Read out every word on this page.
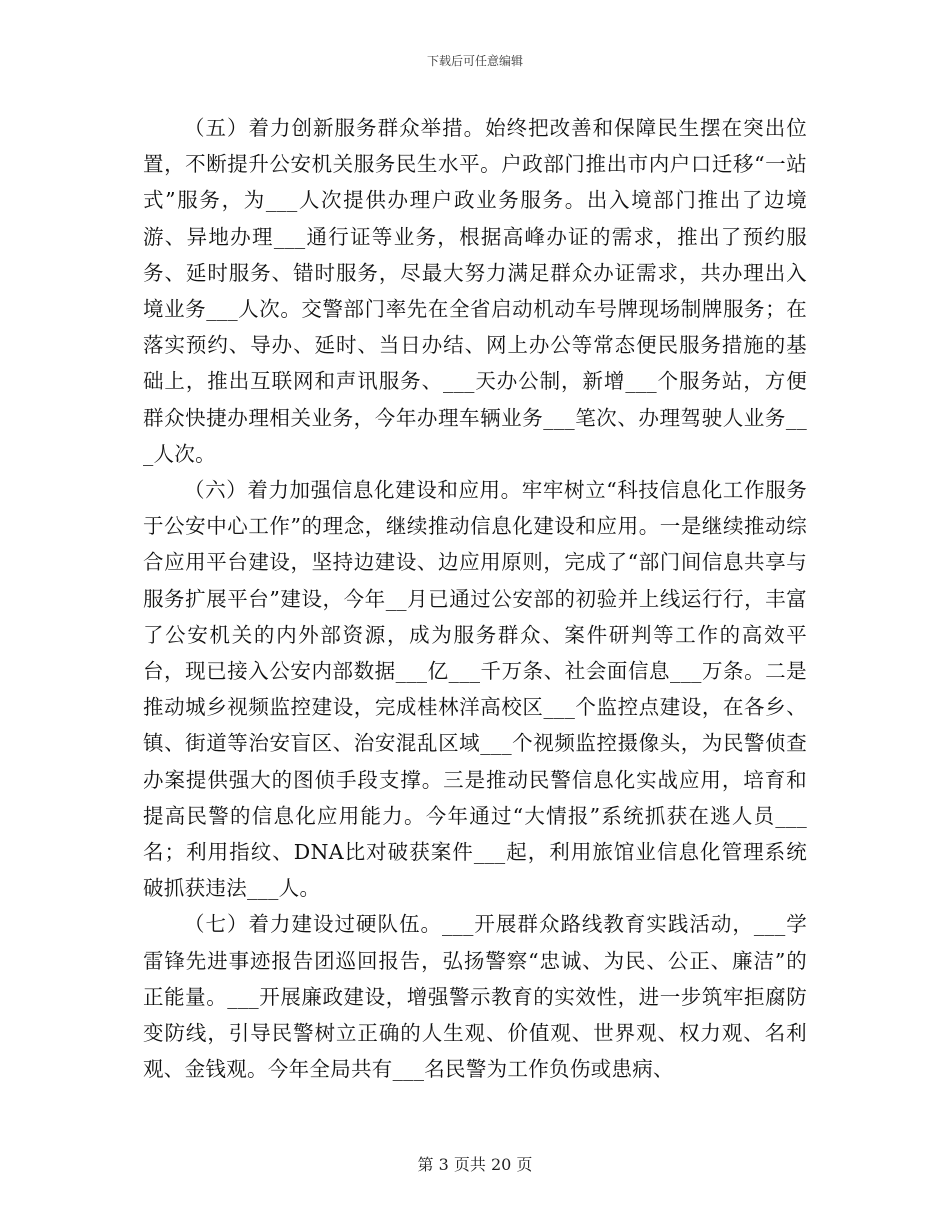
下载后可任意编辑

（五）着力创新服务群众举措。始终把改善和保障民生摆在突出位置，不断提升公安机关服务民生水平。户政部门推出市内户口迁移“一站式”服务，为___人次提供办理户政业务服务。出入境部门推出了边境游、异地办理___通行证等业务，根据高峰办证的需求，推出了预约服务、延时服务、错时服务，尽最大努力满足群众办证需求，共办理出入境业务___人次。交警部门率先在全省启动机动车号牌现场制牌服务；在落实预约、导办、延时、当日办结、网上办公等常态便民服务措施的基础上，推出互联网和声讯服务、___天办公制，新增___个服务站，方便群众快捷办理相关业务，今年办理车辆业务___笔次、办理驾驶人业务___人次。

（六）着力加强信息化建设和应用。牢牢树立“科技信息化工作服务于公安中心工作”的理念，继续推动信息化建设和应用。一是继续推动综合应用平台建设，坚持边建设、边应用原则，完成了“部门间信息共享与服务扩展平台”建设，今年__月已通过公安部的初验并上线运行行，丰富了公安机关的内外部资源，成为服务群众、案件研判等工作的高效平台，现已接入公安内部数据___亿___千万条、社会面信息___万条。二是推动城乡视频监控建设，完成桂林洋高校区___个监控点建设，在各乡、镇、街道等治安盲区、治安混乱区域___个视频监控摄像头，为民警侦查办案提供强大的图侦手段支撑。三是推动民警信息化实战应用，培育和提高民警的信息化应用能力。今年通过“大情报”系统抓获在逃人员___名；利用指纹、DNA比对破获案件___起，利用旅馆业信息化管理系统破抓获违法___人。

（七）着力建设过硬队伍。___开展群众路线教育实践活动，___学雷锋先进事迹报告团巡回报告，弘扬警察“忠诚、为民、公正、廉洁”的正能量。___开展廉政建设，增强警示教育的实效性，进一步筑牢拒腐防变防线，引导民警树立正确的人生观、价值观、世界观、权力观、名利观、金钱观。今年全局共有___名民警为工作负伤或患病、

第 3 页共 20 页
